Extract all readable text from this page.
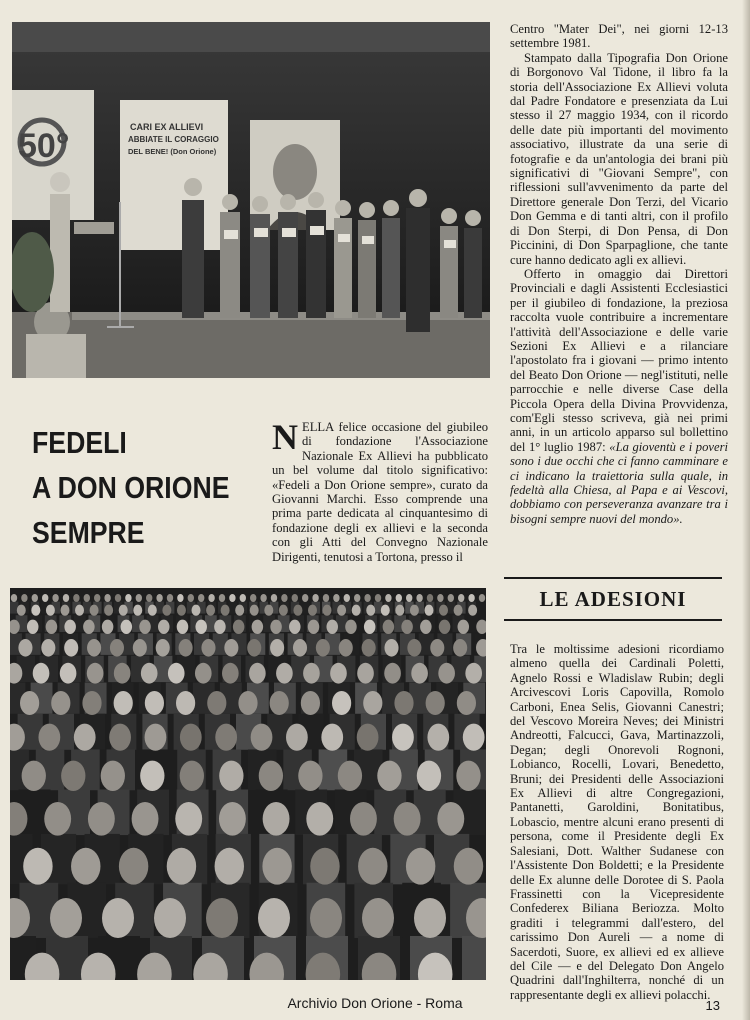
50°	CARI EX ALLIEVI
ABBIATE IL CORAGGIO
DEL BENE! (Don Orione)
FEDELI
A DON ORIONE
SEMPRE

NELLA felice occasione del giubileo di fondazione l'Associazione Nazionale Ex Allievi ha pubblicato un bel volume dal titolo significativo: «Fedeli a Don Orione sempre», curato da Giovanni Marchi. Esso comprende una prima parte dedicata al cinquantesimo di fondazione degli ex allievi e la seconda con gli Atti del Convegno Nazionale Dirigenti, tenutosi a Tortona, presso il

Centro "Mater Dei", nei giorni 12-13 settembre 1981.

Stampato dalla Tipografia Don Orione di Borgonovo Val Tidone, il libro fa la storia dell'Associazione Ex Allievi voluta dal Padre Fondatore e presenziata da Lui stesso il 27 maggio 1934, con il ricordo delle date più importanti del movimento associativo, illustrate da una serie di fotografie e da un'antologia dei brani più significativi di "Giovani Sempre", con riflessioni sull'avvenimento da parte del Direttore generale Don Terzi, del Vicario Don Gemma e di tanti altri, con il profilo di Don Sterpi, di Don Pensa, di Don Piccinini, di Don Sparpaglione, che tante cure hanno dedicato agli ex allievi.

Offerto in omaggio dai Direttori Provinciali e dagli Assistenti Ecclesiastici per il giubileo di fondazione, la preziosa raccolta vuole contribuire a incrementare l'attività dell'Associazione e delle varie Sezioni Ex Allievi e a rilanciare l'apostolato fra i giovani — primo intento del Beato Don Orione — negl'istituti, nelle parrocchie e nelle diverse Case della Piccola Opera della Divina Provvidenza, com'Egli stesso scriveva, già nei primi anni, in un articolo apparso sul bollettino del 1° luglio 1987: «La gioventù e i poveri sono i due occhi che ci fanno camminare e ci indicano la traiettoria sulla quale, in fedeltà alla Chiesa, al Papa e ai Vescovi, dobbiamo con perseveranza avanzare tra i bisogni sempre nuovi del mondo».

LE ADESIONI

Tra le moltissime adesioni ricordiamo almeno quella dei Cardinali Poletti, Agnelo Rossi e Wladislaw Rubin; degli Arcivescovi Loris Capovilla, Romolo Carboni, Enea Selis, Giovanni Canestri; del Vescovo Moreira Neves; dei Ministri Andreotti, Falcucci, Gava, Martinazzoli, Degan; degli Onorevoli Rognoni, Lobianco, Rocelli, Lovari, Benedetto, Bruni; dei Presidenti delle Associazioni Ex Allievi di altre Congregazioni, Pantanetti, Garoldini, Bonitatibus, Lobascio, mentre alcuni erano presenti di persona, come il Presidente degli Ex Salesiani, Dott. Walther Sudanese con l'Assistente Don Boldetti; e la Presidente delle Ex alunne delle Dorotee di S. Paola Frassinetti con la Vicepresidente Confederex Biliana Beriozza. Molto graditi i telegrammi dall'estero, del carissimo Don Aureli — a nome di Sacerdoti, Suore, ex allievi ed ex allieve del Cile — e del Delegato Don Angelo Quadrini dall'Inghilterra, nonché di un rappresentante degli ex allievi polacchi.

Archivio Don Orione - Roma	13
